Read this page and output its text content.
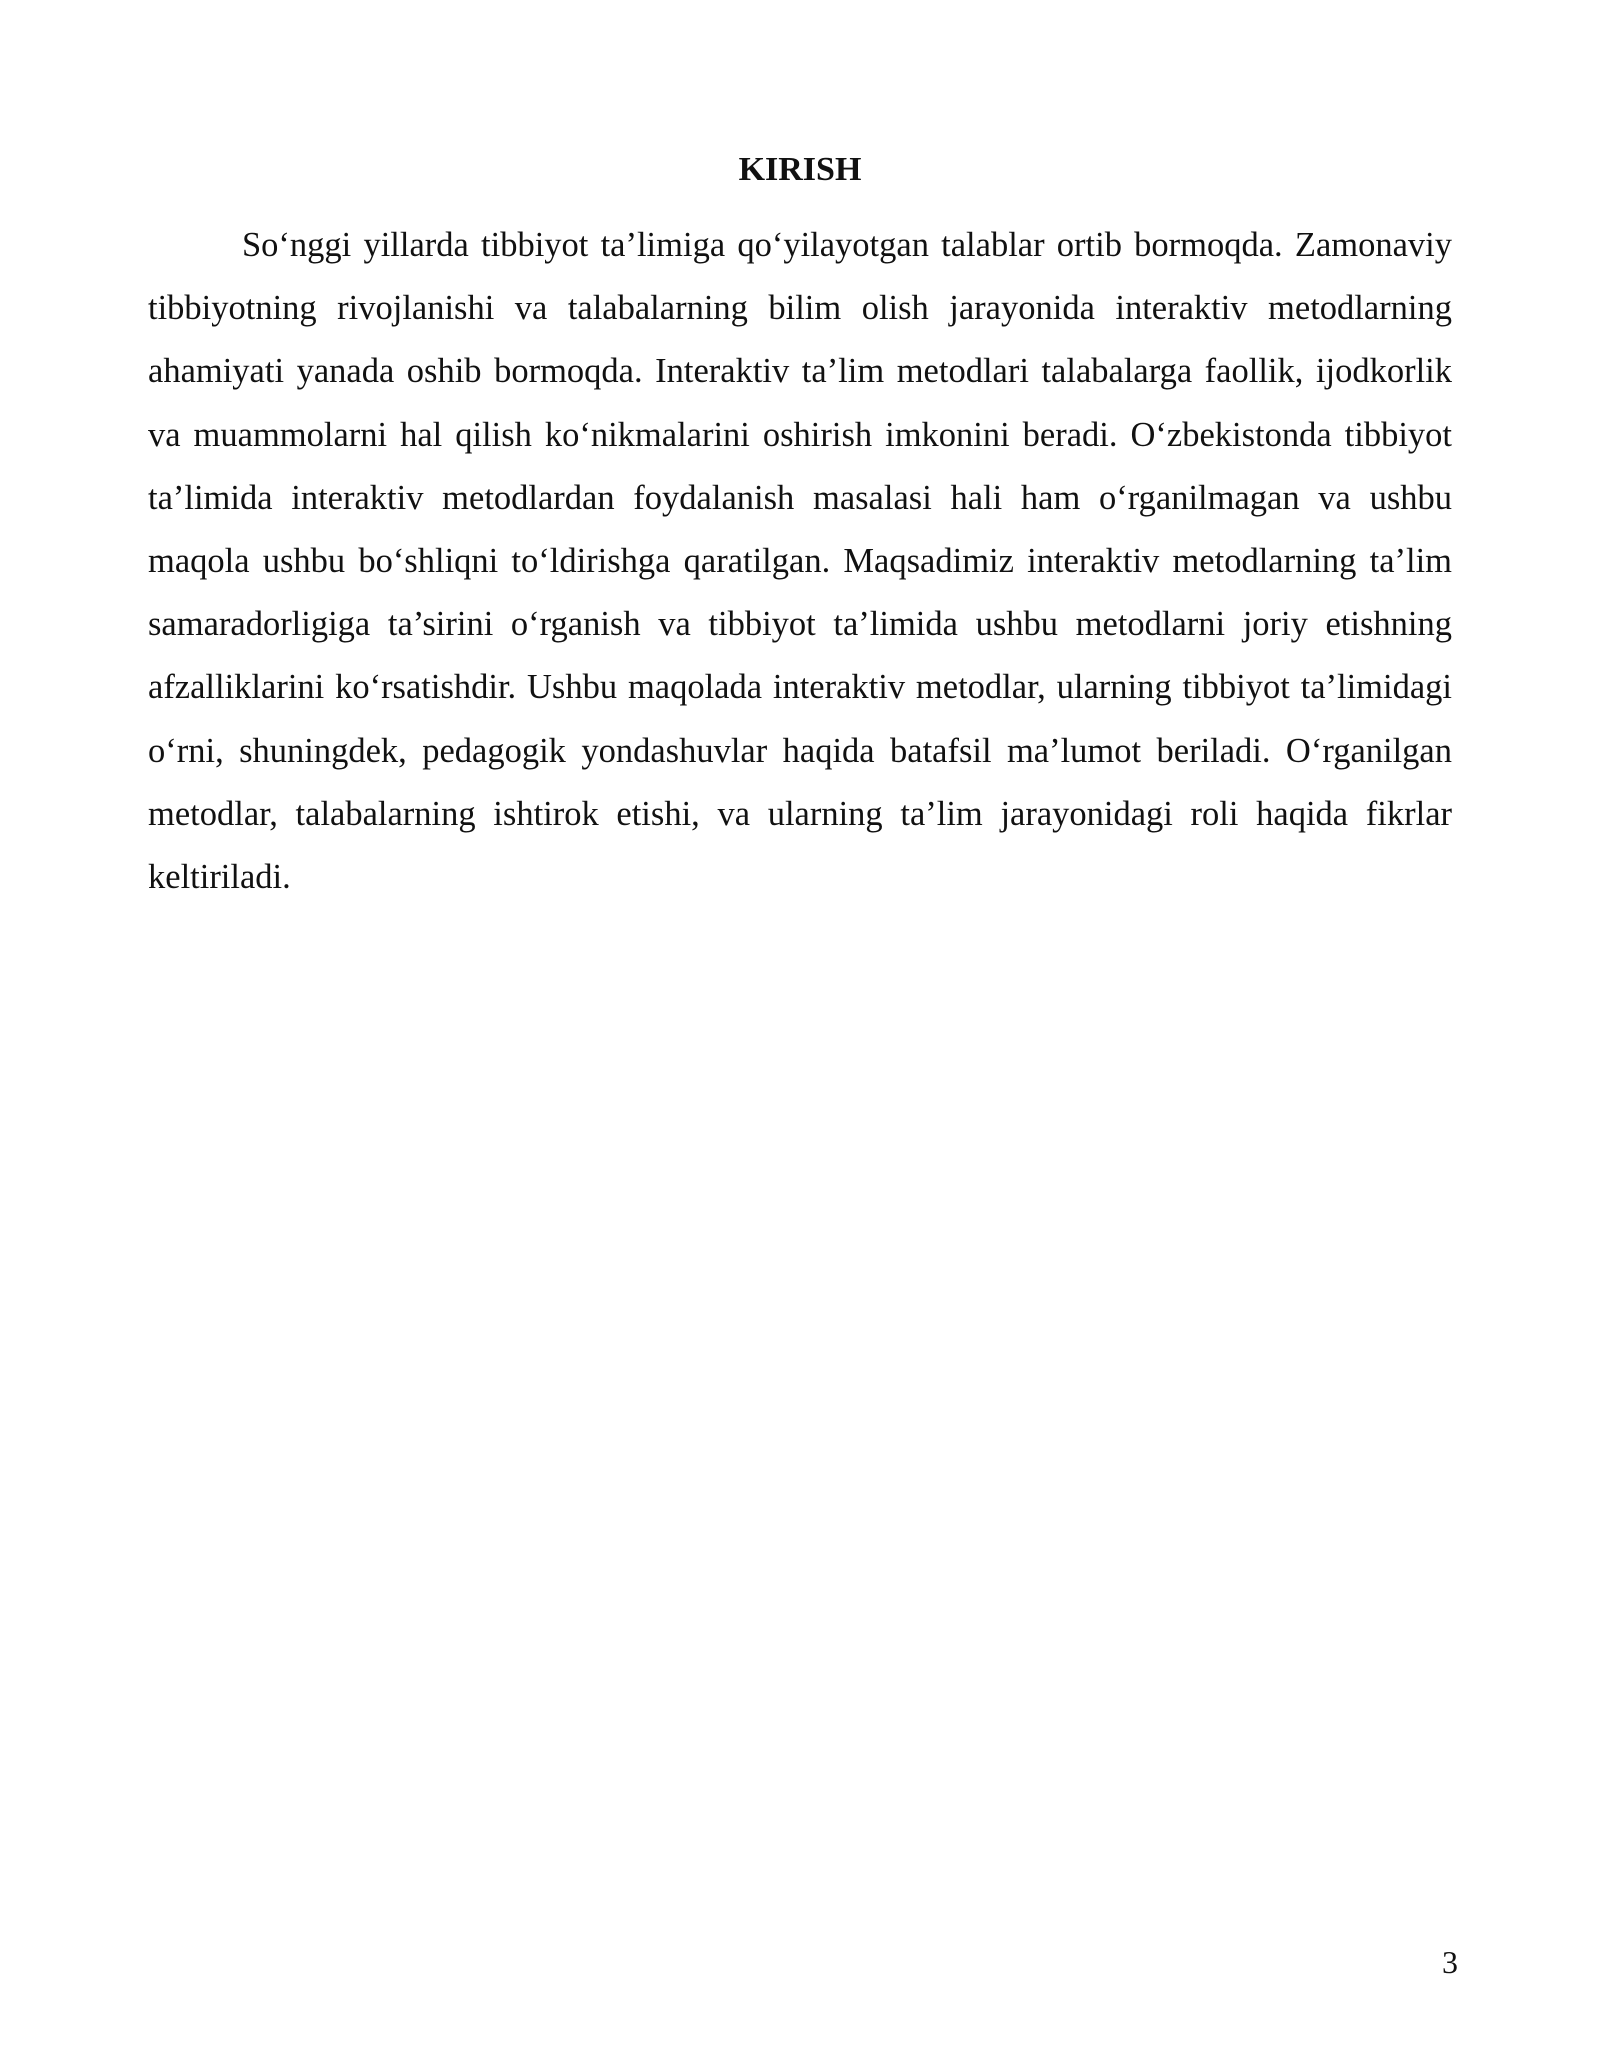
KIRISH

So‘nggi yillarda tibbiyot ta’limiga qo‘yilayotgan talablar ortib bormoqda. Zamonaviy tibbiyotning rivojlanishi va talabalarning bilim olish jarayonida interaktiv metodlarning ahamiyati yanada oshib bormoqda. Interaktiv ta’lim metodlari talabalarga faollik, ijodkorlik va muammolarni hal qilish ko‘nikmalarini oshirish imkonini beradi. O‘zbekistonda tibbiyot ta’limida interaktiv metodlardan foydalanish masalasi hali ham o‘rganilmagan va ushbu maqola ushbu bo‘shliqni to‘ldirishga qaratilgan. Maqsadimiz interaktiv metodlarning ta’lim samaradorligiga ta’sirini o‘rganish va tibbiyot ta’limida ushbu metodlarni joriy etishning afzalliklarini ko‘rsatishdir. Ushbu maqolada interaktiv metodlar, ularning tibbiyot ta’limidagi o‘rni, shuningdek, pedagogik yondashuvlar haqida batafsil ma’lumot beriladi. O‘rganilgan metodlar, talabalarning ishtirok etishi, va ularning ta’lim jarayonidagi roli haqida fikrlar keltiriladi.

3
